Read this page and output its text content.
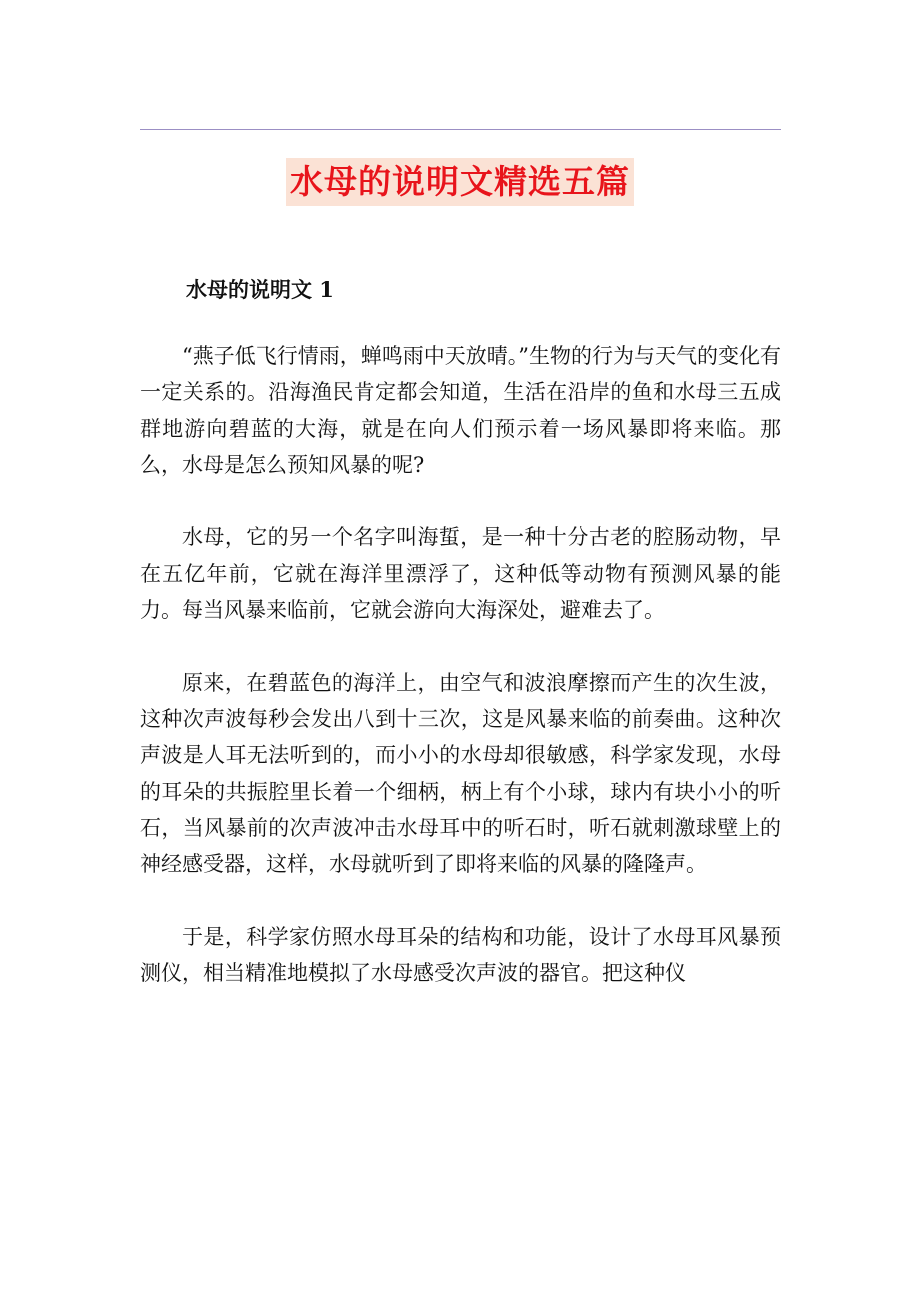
水母的说明文精选五篇
水母的说明文 1

“燕子低飞行情雨，蝉鸣雨中天放晴。”生物的行为与天气的变化有一定关系的。沿海渔民肯定都会知道，生活在沿岸的鱼和水母三五成群地游向碧蓝的大海，就是在向人们预示着一场风暴即将来临。那么，水母是怎么预知风暴的呢?

水母，它的另一个名字叫海蜇，是一种十分古老的腔肠动物，早在五亿年前，它就在海洋里漂浮了，这种低等动物有预测风暴的能力。每当风暴来临前，它就会游向大海深处，避难去了。

原来，在碧蓝色的海洋上，由空气和波浪摩擦而产生的次生波，这种次声波每秒会发出八到十三次，这是风暴来临的前奏曲。这种次声波是人耳无法听到的，而小小的水母却很敏感，科学家发现，水母的耳朵的共振腔里长着一个细柄，柄上有个小球，球内有块小小的听石，当风暴前的次声波冲击水母耳中的听石时，听石就刺激球壁上的神经感受器，这样，水母就听到了即将来临的风暴的隆隆声。

于是，科学家仿照水母耳朵的结构和功能，设计了水母耳风暴预测仪，相当精准地模拟了水母感受次声波的器官。把这种仪
